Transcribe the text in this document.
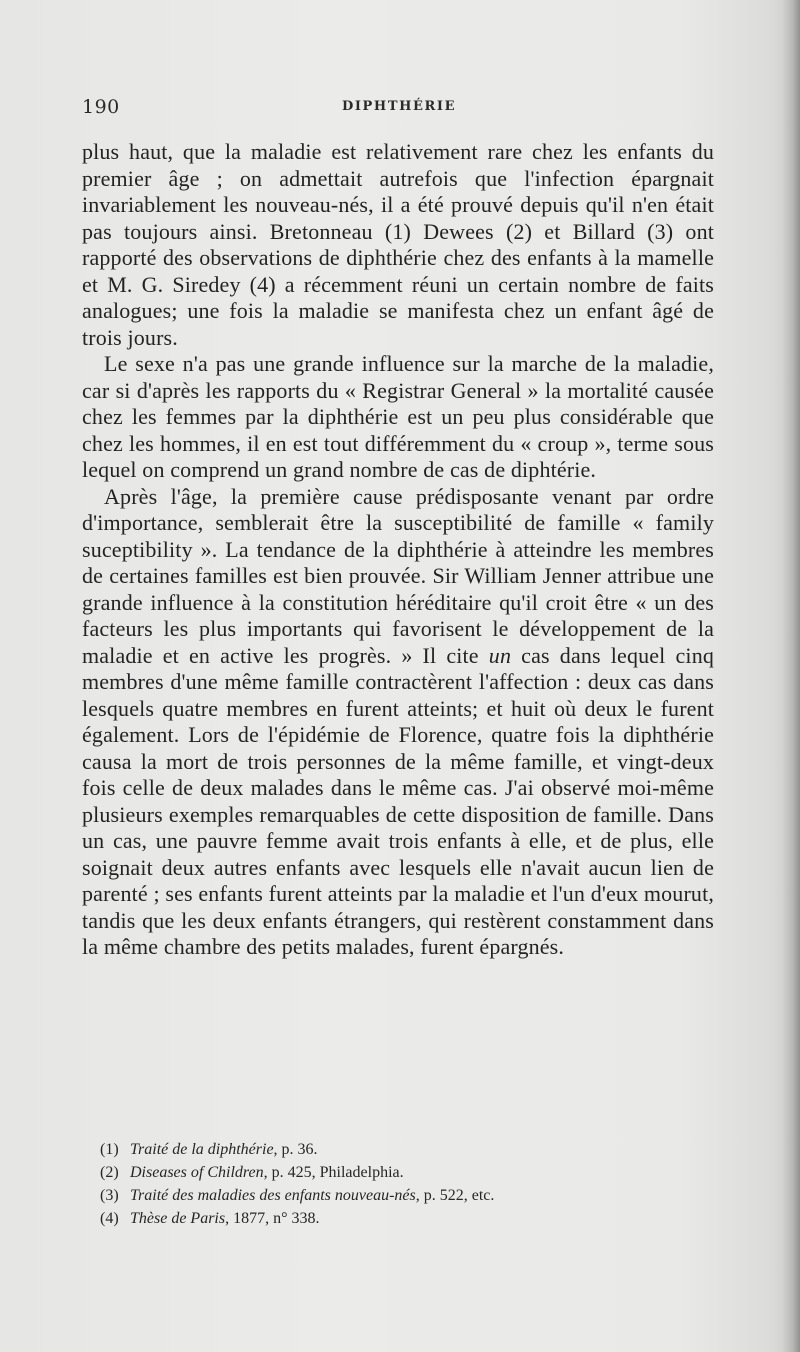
190	DIPHTHÉRIE

plus haut, que la maladie est relativement rare chez les enfants du premier âge ; on admettait autrefois que l'infection épargnait invariablement les nouveau-nés, il a été prouvé depuis qu'il n'en était pas toujours ainsi. Bretonneau (1) Dewees (2) et Billard (3) ont rapporté des observations de diphthérie chez des enfants à la mamelle et M. G. Siredey (4) a récemment réuni un certain nombre de faits analogues; une fois la maladie se manifesta chez un enfant âgé de trois jours.

Le sexe n'a pas une grande influence sur la marche de la maladie, car si d'après les rapports du « Registrar General » la mortalité causée chez les femmes par la diphthérie est un peu plus considérable que chez les hommes, il en est tout différemment du « croup », terme sous lequel on comprend un grand nombre de cas de diphtérie.

Après l'âge, la première cause prédisposante venant par ordre d'importance, semblerait être la susceptibilité de famille « family suceptibility ». La tendance de la diphthérie à atteindre les membres de certaines familles est bien prouvée. Sir William Jenner attribue une grande influence à la constitution héréditaire qu'il croit être « un des facteurs les plus importants qui favorisent le développement de la maladie et en active les progrès. » Il cite un cas dans lequel cinq membres d'une même famille contractèrent l'affection : deux cas dans lesquels quatre membres en furent atteints; et huit où deux le furent également. Lors de l'épidémie de Florence, quatre fois la diphthérie causa la mort de trois personnes de la même famille, et vingt-deux fois celle de deux malades dans le même cas. J'ai observé moi-même plusieurs exemples remarquables de cette disposition de famille. Dans un cas, une pauvre femme avait trois enfants à elle, et de plus, elle soignait deux autres enfants avec lesquels elle n'avait aucun lien de parenté ; ses enfants furent atteints par la maladie et l'un d'eux mourut, tandis que les deux enfants étrangers, qui restèrent constamment dans la même chambre des petits malades, furent épargnés.

(1) Traité de la diphthérie, p. 36.
(2) Diseases of Children, p. 425, Philadelphia.
(3) Traité des maladies des enfants nouveau-nés, p. 522, etc.
(4) Thèse de Paris, 1877, n° 338.
